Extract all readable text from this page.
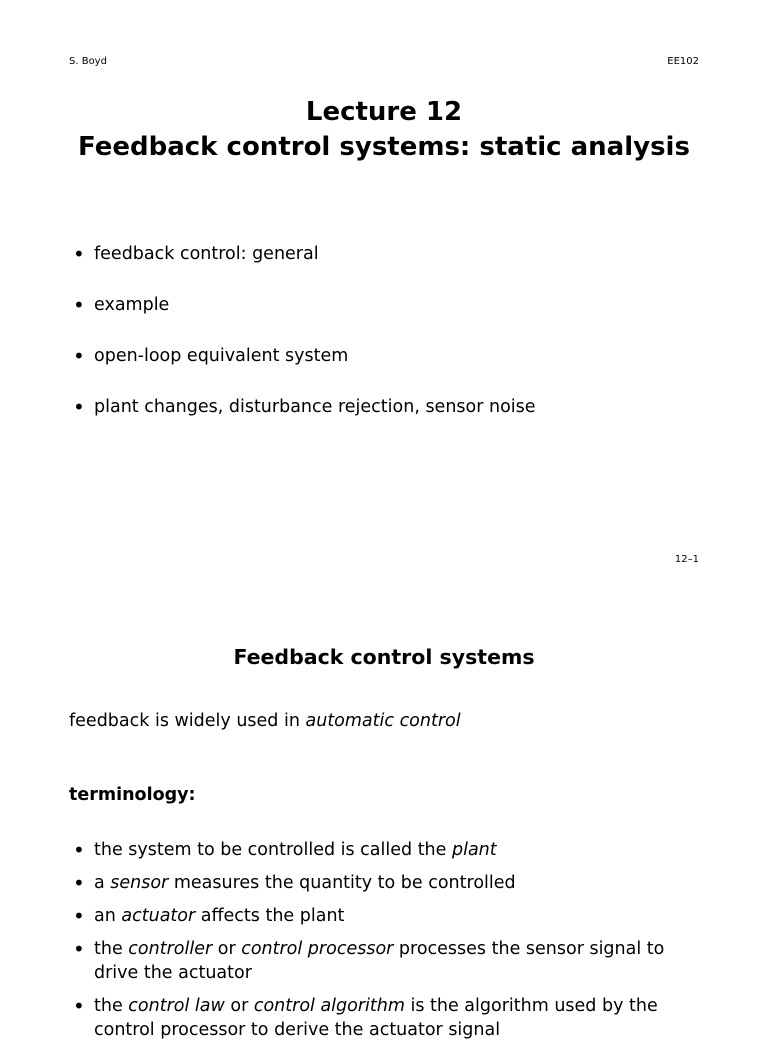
S. Boyd	EE102
Lecture 12
Feedback control systems: static analysis
• feedback control: general
• example
• open-loop equivalent system
• plant changes, disturbance rejection, sensor noise
12–1
Feedback control systems
feedback is widely used in automatic control
terminology:
• the system to be controlled is called the plant
• a sensor measures the quantity to be controlled
• an actuator affects the plant
• the controller or control processor processes the sensor signal to drive the actuator
• the control law or control algorithm is the algorithm used by the control processor to derive the actuator signal
